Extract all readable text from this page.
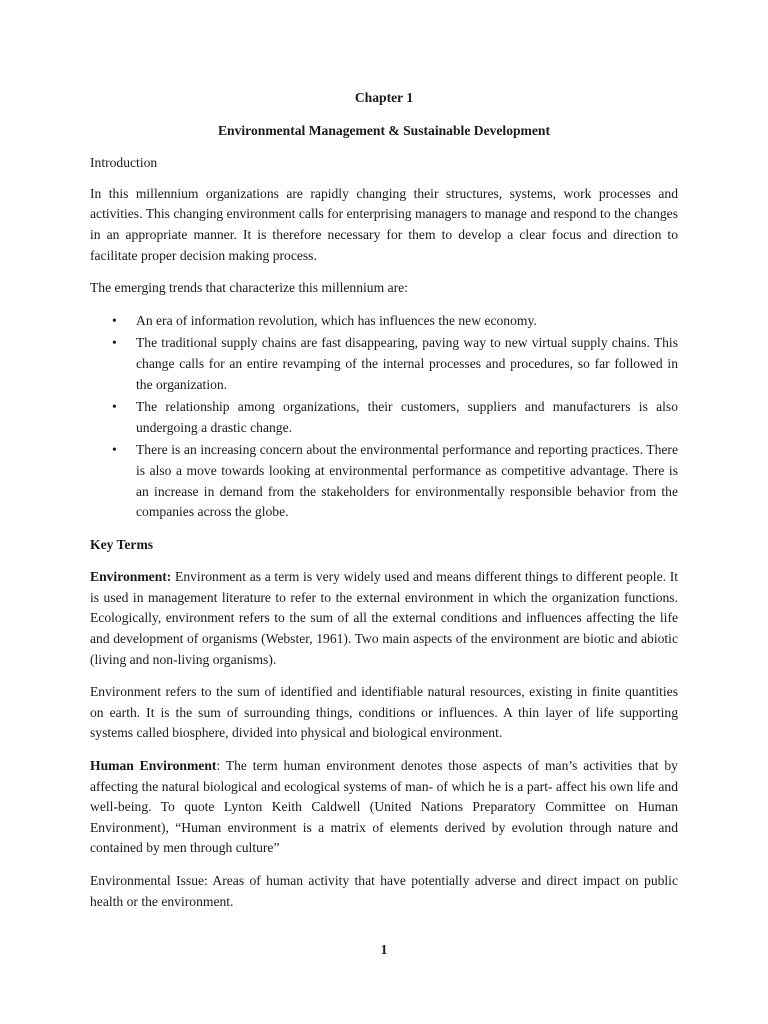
Chapter 1
Environmental Management & Sustainable Development
Introduction

In this millennium organizations are rapidly changing their structures, systems, work processes and activities. This changing environment calls for enterprising managers to manage and respond to the changes in an appropriate manner. It is therefore necessary for them to develop a clear focus and direction to facilitate proper decision making process.

The emerging trends that characterize this millennium are:

• An era of information revolution, which has influences the new economy.
• The traditional supply chains are fast disappearing, paving way to new virtual supply chains. This change calls for an entire revamping of the internal processes and procedures, so far followed in the organization.
• The relationship among organizations, their customers, suppliers and manufacturers is also undergoing a drastic change.
• There is an increasing concern about the environmental performance and reporting practices. There is also a move towards looking at environmental performance as competitive advantage. There is an increase in demand from the stakeholders for environmentally responsible behavior from the companies across the globe.
Key Terms

Environment: Environment as a term is very widely used and means different things to different people. It is used in management literature to refer to the external environment in which the organization functions. Ecologically, environment refers to the sum of all the external conditions and influences affecting the life and development of organisms (Webster, 1961). Two main aspects of the environment are biotic and abiotic (living and non-living organisms).

Environment refers to the sum of identified and identifiable natural resources, existing in finite quantities on earth. It is the sum of surrounding things, conditions or influences. A thin layer of life supporting systems called biosphere, divided into physical and biological environment.

Human Environment: The term human environment denotes those aspects of man’s activities that by affecting the natural biological and ecological systems of man- of which he is a part- affect his own life and well-being. To quote Lynton Keith Caldwell (United Nations Preparatory Committee on Human Environment), “Human environment is a matrix of elements derived by evolution through nature and contained by men through culture”

Environmental Issue: Areas of human activity that have potentially adverse and direct impact on public health or the environment.

1
